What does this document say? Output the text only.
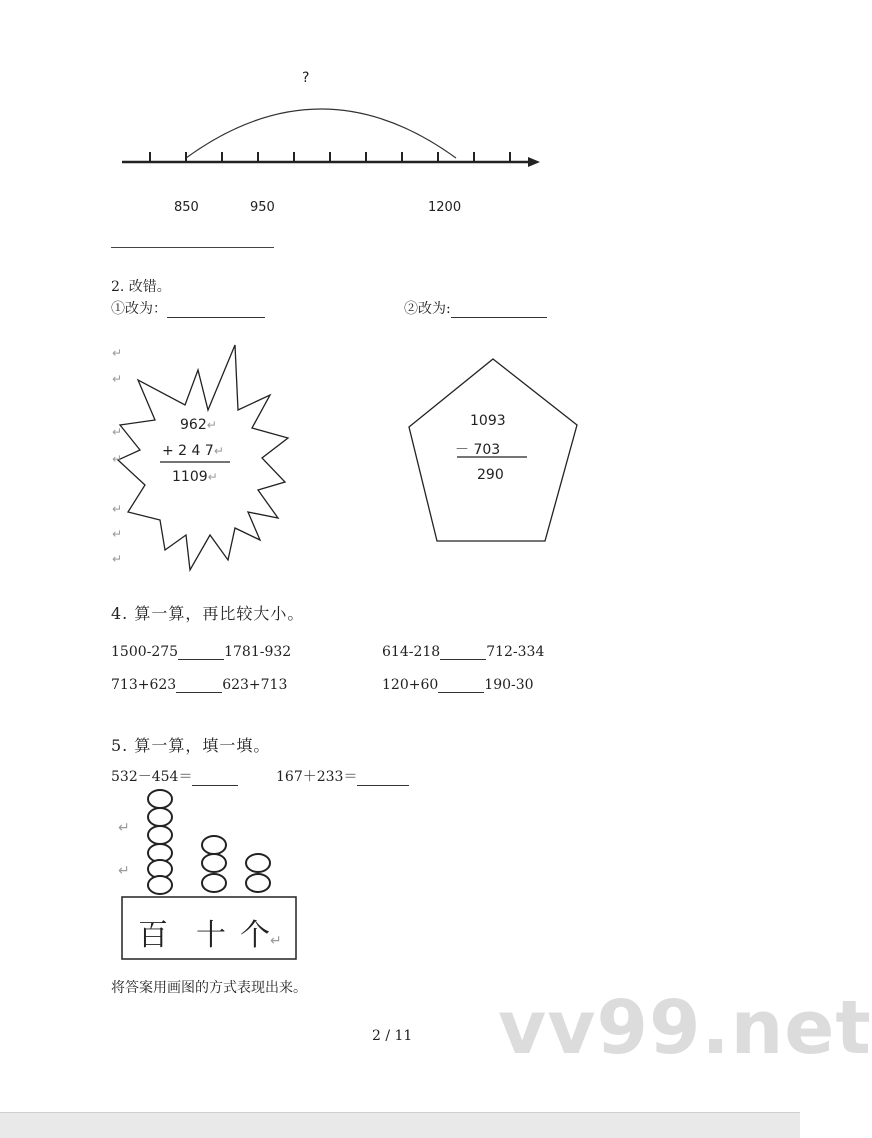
?
850	950	1200
2. 改错。
①改为：	②改为:
962↵
+ 2 4 7↵
1109↵
↵
↵
↵
↵
↵
↵
↵
1093
－ 703
290
4. 算一算，再比较大小。
1500-275	1781-932	614-218	712-334
713+623	623+713	120+60	190-30
5. 算一算，填一填。
532－454＝	167＋233＝
↵
↵
百 十 个↵
将答案用画图的方式表现出来。
2 / 11 vv99.net
